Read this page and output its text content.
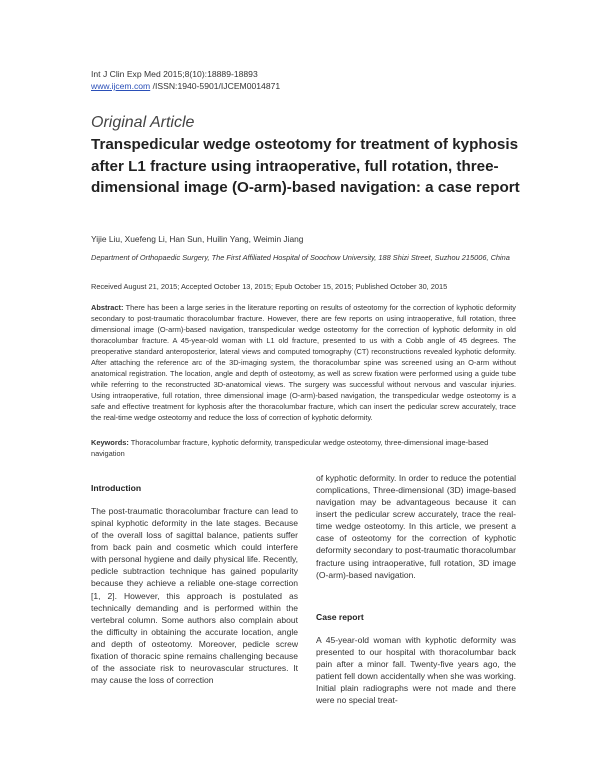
Int J Clin Exp Med 2015;8(10):18889-18893
www.ijcem.com /ISSN:1940-5901/IJCEM0014871
Original Article
Transpedicular wedge osteotomy for treatment of kyphosis after L1 fracture using intraoperative, full rotation, three-dimensional image (O-arm)-based navigation: a case report
Yijie Liu, Xuefeng Li, Han Sun, Huilin Yang, Weimin Jiang
Department of Orthopaedic Surgery, The First Affiliated Hospital of Soochow University, 188 Shizi Street, Suzhou 215006, China
Received August 21, 2015; Accepted October 13, 2015; Epub October 15, 2015; Published October 30, 2015
Abstract: There has been a large series in the literature reporting on results of osteotomy for the correction of kyphotic deformity secondary to post-traumatic thoracolumbar fracture. However, there are few reports on using intraoperative, full rotation, three dimensional image (O-arm)-based navigation, transpedicular wedge osteotomy for the correction of kyphotic deformity in old thoracolumbar fracture. A 45-year-old woman with L1 old fracture, presented to us with a Cobb angle of 45 degrees. The preoperative standard anteroposterior, lateral views and computed tomography (CT) reconstructions revealed kyphotic deformity. After attaching the reference arc of the 3D-imaging system, the thoracolumbar spine was screened using an O-arm without anatomical registration. The location, angle and depth of osteotomy, as well as screw fixation were performed using a guide tube while referring to the reconstructed 3D-anatomical views. The surgery was successful without nervous and vascular injuries. Using intraoperative, full rotation, three dimensional image (O-arm)-based navigation, the transpedicular wedge osteotomy is a safe and effective treatment for kyphosis after the thoracolumbar fracture, which can insert the pedicular screw accurately, trace the real-time wedge osteotomy and reduce the loss of correction of kyphotic deformity.
Keywords: Thoracolumbar fracture, kyphotic deformity, transpedicular wedge osteotomy, three-dimensional image-based navigation
Introduction
The post-traumatic thoracolumbar fracture can lead to spinal kyphotic deformity in the late stages. Because of the overall loss of sagittal balance, patients suffer from back pain and cosmetic which could interfere with personal hygiene and daily physical life. Recently, pedicle subtraction technique has gained popularity because they achieve a reliable one-stage correction [1, 2]. However, this approach is postulated as technically demanding and is performed within the vertebral column. Some authors also complain about the difficulty in obtaining the accurate location, angle and depth of osteotomy. Moreover, pedicle screw fixation of thoracic spine remains challenging because of the associate risk to neurovascular structures. It may cause the loss of correction
of kyphotic deformity. In order to reduce the potential complications, Three-dimensional (3D) image-based navigation may be advantageous because it can insert the pedicular screw accurately, trace the real-time wedge osteotomy. In this article, we present a case of osteotomy for the correction of kyphotic deformity secondary to post-traumatic thoracolumbar fracture using intraoperative, full rotation, 3D image (O-arm)-based navigation.
Case report
A 45-year-old woman with kyphotic deformity was presented to our hospital with thoracolumbar back pain after a minor fall. Twenty-five years ago, the patient fell down accidentally when she was working. Initial plain radiographs were not made and there were no special treat-
